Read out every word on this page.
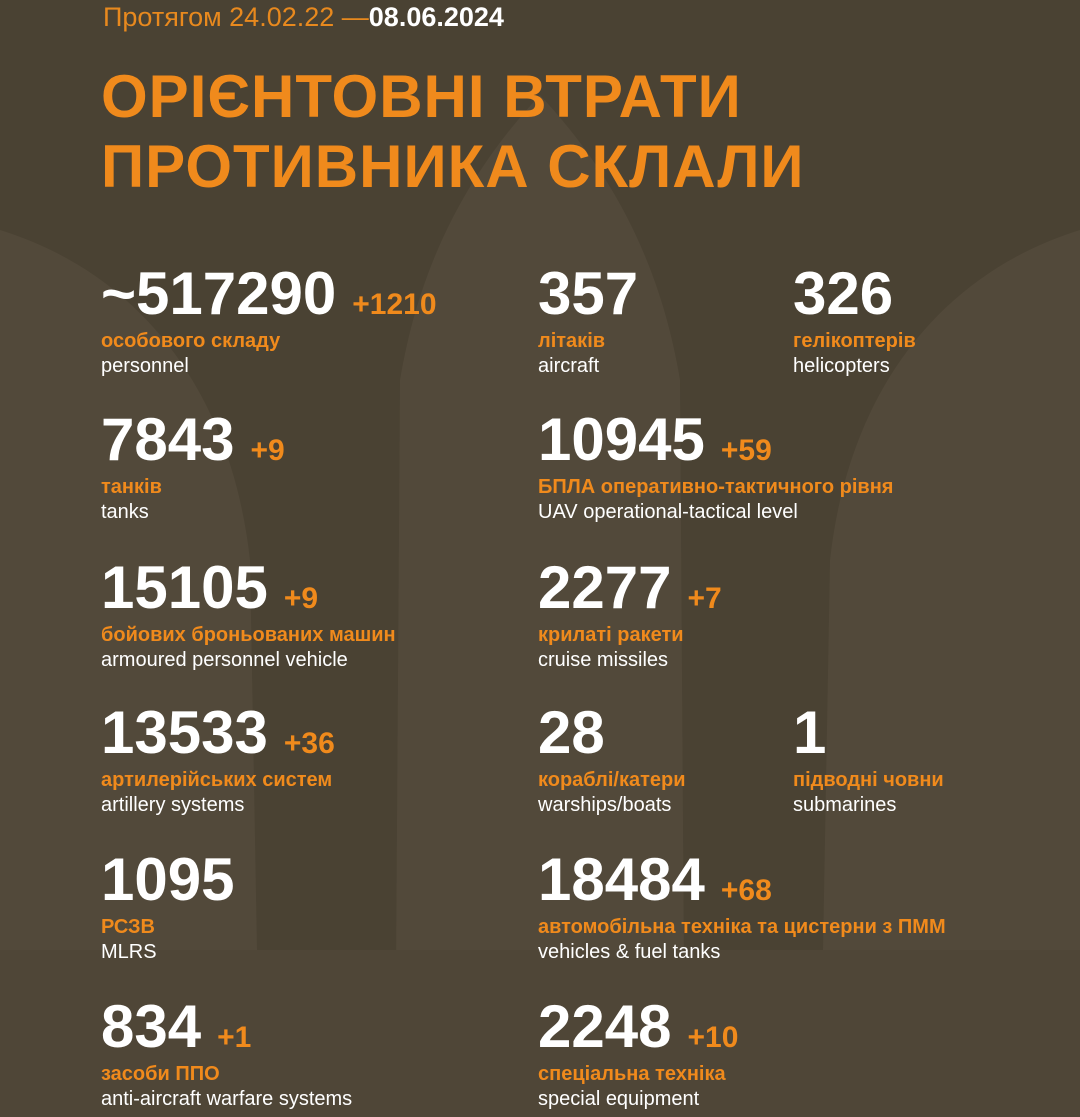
Протягом 24.02.22 —08.06.2024
ОРІЄНТОВНІ ВТРАТИ
ПРОТИВНИКА СКЛАЛИ
~517290 +1210
особового складу
personnel
7843 +9
танків
tanks
15105 +9
бойових броньованих машин
armoured personnel vehicle
13533 +36
артилерійських систем
artillery systems
1095
РСЗВ
MLRS
834 +1
засоби ППО
anti-aircraft warfare systems
357
літаків
aircraft
10945 +59
БПЛА оперативно-тактичного рівня
UAV operational-tactical level
2277 +7
крилаті ракети
cruise missiles
28
кораблі/катери
warships/boats
18484 +68
автомобільна техніка та цистерни з ПММ
vehicles & fuel tanks
2248 +10
спеціальна техніка
special equipment
326
гелікоптерів
helicopters
1
підводні човни
submarines
